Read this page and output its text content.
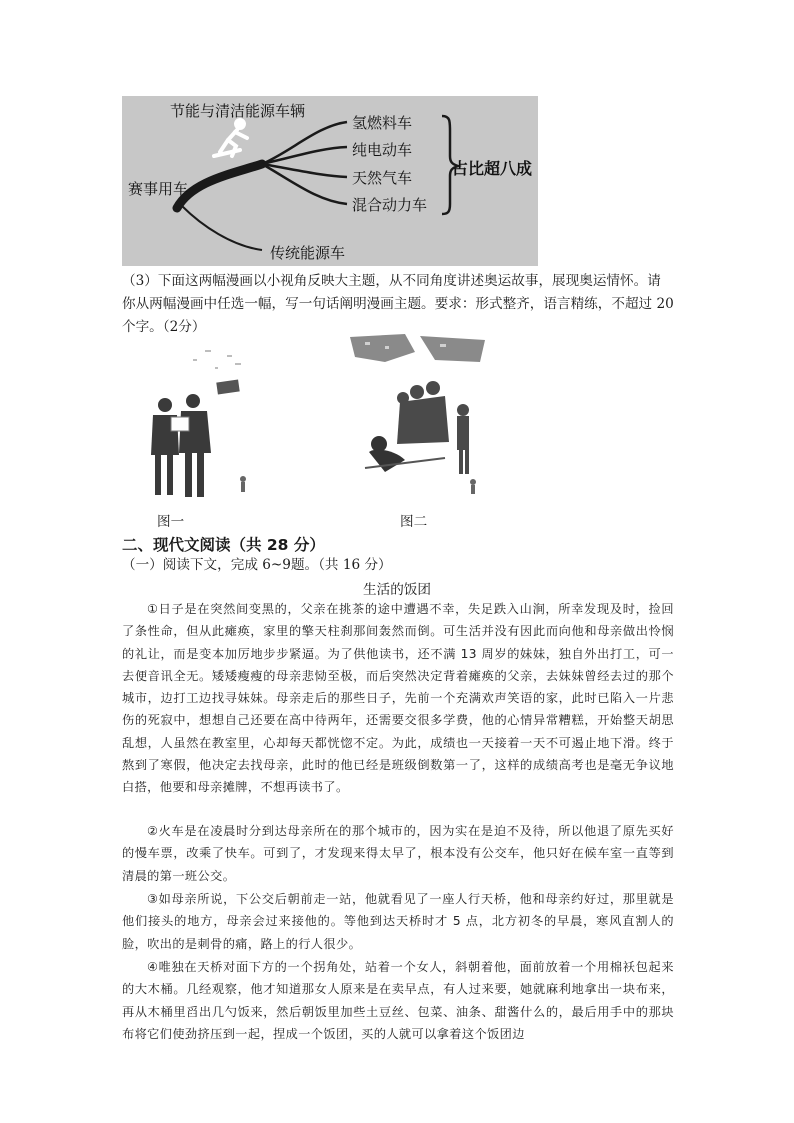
节能与清洁能源车辆
赛事用车
传统能源车
氢燃料车
纯电动车
天然气车
混合动力车
占比超八成
（3）下面这两幅漫画以小视角反映大主题，从不同角度讲述奥运故事，展现奥运情怀。请你从两幅漫画中任选一幅，写一句话阐明漫画主题。要求：形式整齐，语言精练，不超过 20 个字。（2分）
图一	图二
二、现代文阅读（共 28 分）
（一）阅读下文，完成 6~9题。（共 16 分）
生活的饭团

①日子是在突然间变黑的，父亲在挑茶的途中遭遇不幸，失足跌入山涧，所幸发现及时，捡回了条性命，但从此瘫痪，家里的擎天柱刹那间轰然而倒。可生活并没有因此而向他和母亲做出怜悯的礼让，而是变本加厉地步步紧逼。为了供他读书，还不满 13 周岁的妹妹，独自外出打工，可一去便音讯全无。矮矮瘦瘦的母亲悲恸至极，而后突然决定背着瘫痪的父亲，去妹妹曾经去过的那个城市，边打工边找寻妹妹。母亲走后的那些日子，先前一个充满欢声笑语的家，此时已陷入一片悲伤的死寂中，想想自己还要在高中待两年，还需要交很多学费，他的心情异常糟糕，开始整天胡思乱想，人虽然在教室里，心却每天都恍惚不定。为此，成绩也一天接着一天不可遏止地下滑。终于熬到了寒假，他决定去找母亲，此时的他已经是班级倒数第一了，这样的成绩高考也是毫无争议地白搭，他要和母亲摊牌，不想再读书了。

②火车是在凌晨时分到达母亲所在的那个城市的，因为实在是迫不及待，所以他退了原先买好的慢车票，改乘了快车。可到了，才发现来得太早了，根本没有公交车，他只好在候车室一直等到清晨的第一班公交。

③如母亲所说，下公交后朝前走一站，他就看见了一座人行天桥，他和母亲约好过，那里就是他们接头的地方，母亲会过来接他的。等他到达天桥时才 5 点，北方初冬的早晨，寒风直割人的脸，吹出的是刺骨的痛，路上的行人很少。

④唯独在天桥对面下方的一个拐角处，站着一个女人，斜朝着他，面前放着一个用棉袄包起来的大木桶。几经观察，他才知道那女人原来是在卖早点，有人过来要，她就麻利地拿出一块布来，再从木桶里舀出几勺饭来，然后朝饭里加些土豆丝、包菜、油条、甜酱什么的，最后用手中的那块布将它们使劲挤压到一起，捏成一个饭团，买的人就可以拿着这个饭团边
